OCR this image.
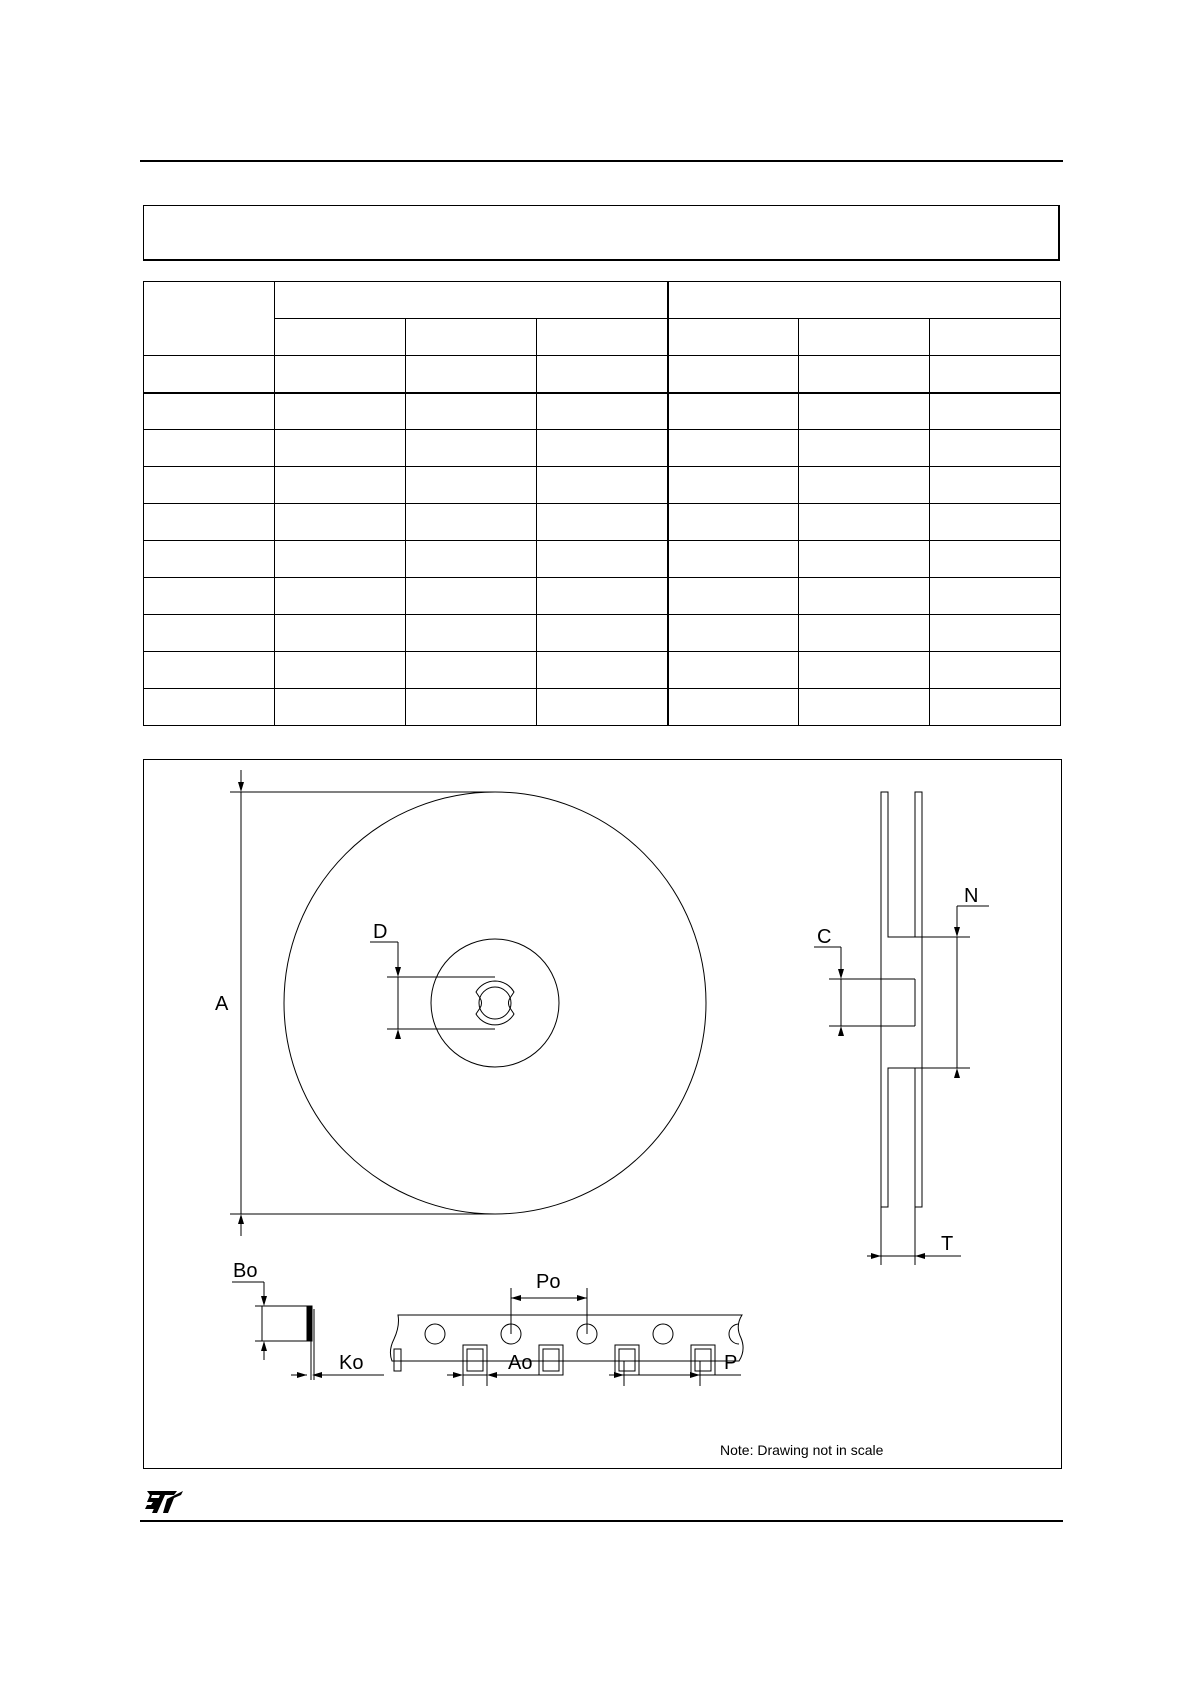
A
D	C
N
T
Bo
Ko
Po
Ao	P
Note: Drawing not in scale
